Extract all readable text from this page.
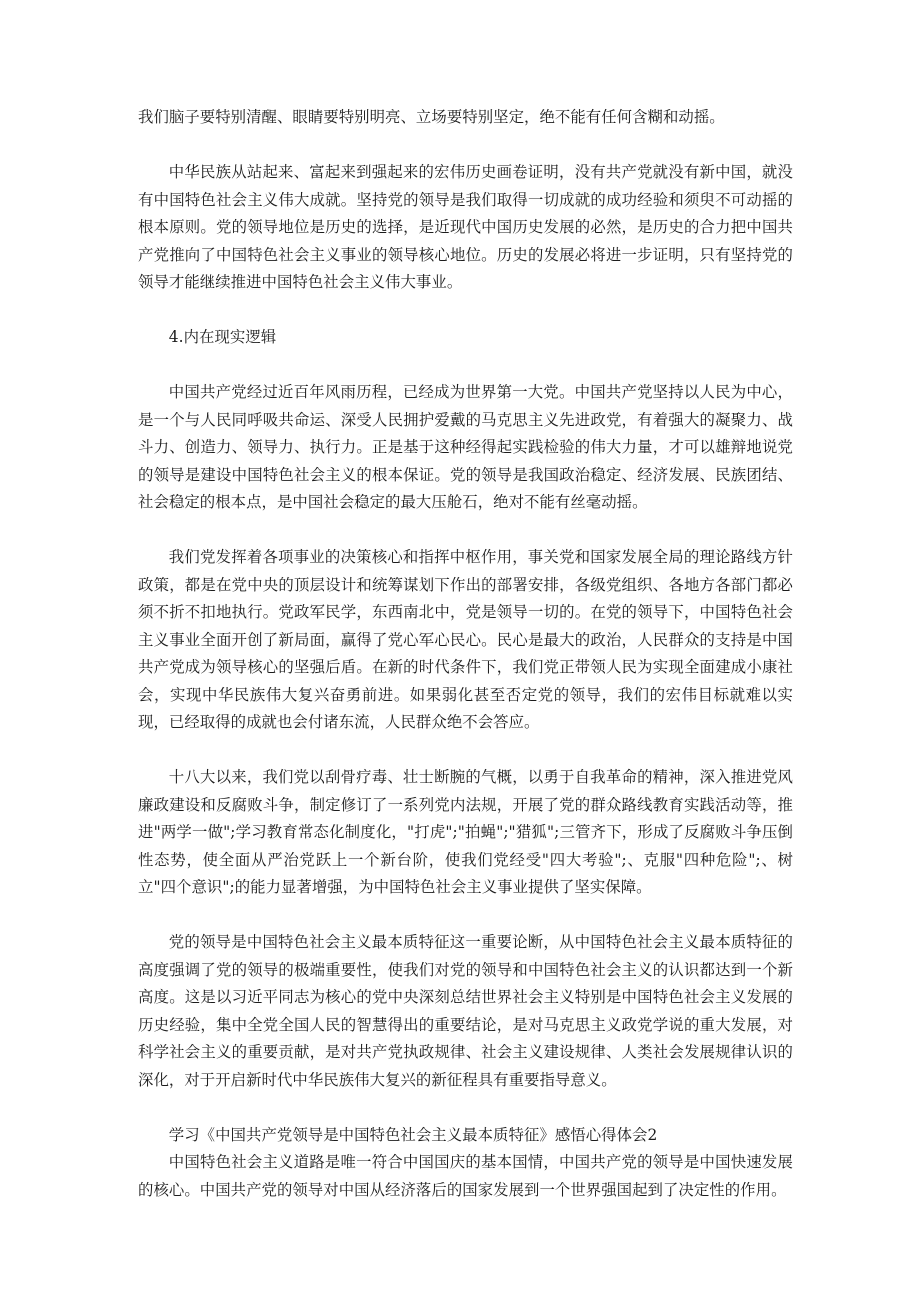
我们脑子要特别清醒、眼睛要特别明亮、立场要特别坚定，绝不能有任何含糊和动摇。

中华民族从站起来、富起来到强起来的宏伟历史画卷证明，没有共产党就没有新中国，就没有中国特色社会主义伟大成就。坚持党的领导是我们取得一切成就的成功经验和须臾不可动摇的根本原则。党的领导地位是历史的选择，是近现代中国历史发展的必然，是历史的合力把中国共产党推向了中国特色社会主义事业的领导核心地位。历史的发展必将进一步证明，只有坚持党的领导才能继续推进中国特色社会主义伟大事业。

4.内在现实逻辑

中国共产党经过近百年风雨历程，已经成为世界第一大党。中国共产党坚持以人民为中心，是一个与人民同呼吸共命运、深受人民拥护爱戴的马克思主义先进政党，有着强大的凝聚力、战斗力、创造力、领导力、执行力。正是基于这种经得起实践检验的伟大力量，才可以雄辩地说党的领导是建设中国特色社会主义的根本保证。党的领导是我国政治稳定、经济发展、民族团结、社会稳定的根本点，是中国社会稳定的最大压舱石，绝对不能有丝毫动摇。

我们党发挥着各项事业的决策核心和指挥中枢作用，事关党和国家发展全局的理论路线方针政策，都是在党中央的顶层设计和统筹谋划下作出的部署安排，各级党组织、各地方各部门都必须不折不扣地执行。党政军民学，东西南北中，党是领导一切的。在党的领导下，中国特色社会主义事业全面开创了新局面，赢得了党心军心民心。民心是最大的政治，人民群众的支持是中国共产党成为领导核心的坚强后盾。在新的时代条件下，我们党正带领人民为实现全面建成小康社会，实现中华民族伟大复兴奋勇前进。如果弱化甚至否定党的领导，我们的宏伟目标就难以实现，已经取得的成就也会付诸东流，人民群众绝不会答应。

十八大以来，我们党以刮骨疗毒、壮士断腕的气概，以勇于自我革命的精神，深入推进党风廉政建设和反腐败斗争，制定修订了一系列党内法规，开展了党的群众路线教育实践活动等，推进"两学一做";学习教育常态化制度化，"打虎";"拍蝇";"猎狐";三管齐下，形成了反腐败斗争压倒性态势，使全面从严治党跃上一个新台阶，使我们党经受"四大考验";、克服"四种危险";、树立"四个意识";的能力显著增强，为中国特色社会主义事业提供了坚实保障。

党的领导是中国特色社会主义最本质特征这一重要论断，从中国特色社会主义最本质特征的高度强调了党的领导的极端重要性，使我们对党的领导和中国特色社会主义的认识都达到一个新高度。这是以习近平同志为核心的党中央深刻总结世界社会主义特别是中国特色社会主义发展的历史经验，集中全党全国人民的智慧得出的重要结论，是对马克思主义政党学说的重大发展，对科学社会主义的重要贡献，是对共产党执政规律、社会主义建设规律、人类社会发展规律认识的深化，对于开启新时代中华民族伟大复兴的新征程具有重要指导意义。

学习《中国共产党领导是中国特色社会主义最本质特征》感悟心得体会2

中国特色社会主义道路是唯一符合中国国庆的基本国情，中国共产党的领导是中国快速发展的核心。中国共产党的领导对中国从经济落后的国家发展到一个世界强国起到了决定性的作用。
